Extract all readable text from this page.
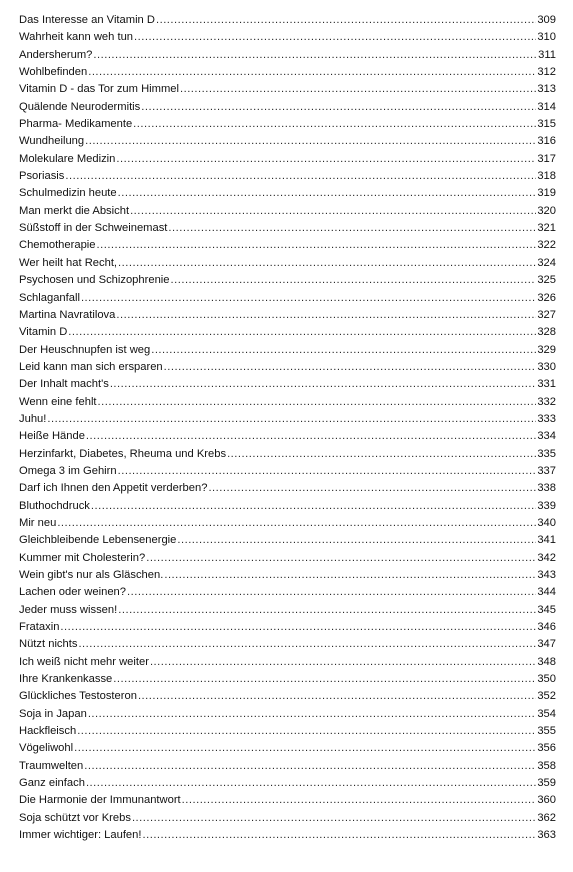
Das Interesse an Vitamin D .....	309
Wahrheit kann weh tun .....	310
Andersherum? .....	311
Wohlbefinden .....	312
Vitamin D - das Tor zum Himmel .....	313
Quälende Neurodermitis .....	314
Pharma- Medikamente .....	315
Wundheilung .....	316
Molekulare Medizin .....	317
Psoriasis .....	318
Schulmedizin heute .....	319
Man merkt die Absicht .....	320
Süßstoff in der Schweinemast .....	321
Chemotherapie .....	322
Wer heilt hat Recht, .....	324
Psychosen und Schizophrenie .....	325
Schlaganfall .....	326
Martina Navratilova .....	327
Vitamin D .....	328
Der Heuschnupfen ist weg .....	329
Leid kann man sich ersparen .....	330
Der Inhalt macht's .....	331
Wenn eine fehlt .....	332
Juhu! .....	333
Heiße Hände .....	334
Herzinfarkt, Diabetes, Rheuma und Krebs .....	335
Omega 3 im Gehirn .....	337
Darf ich Ihnen den Appetit verderben? .....	338
Bluthochdruck .....	339
Mir neu .....	340
Gleichbleibende Lebensenergie .....	341
Kummer mit Cholesterin? .....	342
Wein gibt's nur als Gläschen. .....	343
Lachen oder weinen? .....	344
Jeder muss wissen! .....	345
Frataxin .....	346
Nützt nichts .....	347
Ich weiß nicht mehr weiter .....	348
Ihre Krankenkasse .....	350
Glückliches Testosteron .....	352
Soja in Japan .....	354
Hackfleisch .....	355
Vögeliwohl .....	356
Traumwelten .....	358
Ganz einfach .....	359
Die Harmonie der Immunantwort .....	360
Soja schützt vor Krebs .....	362
Immer wichtiger: Laufen! .....	363
